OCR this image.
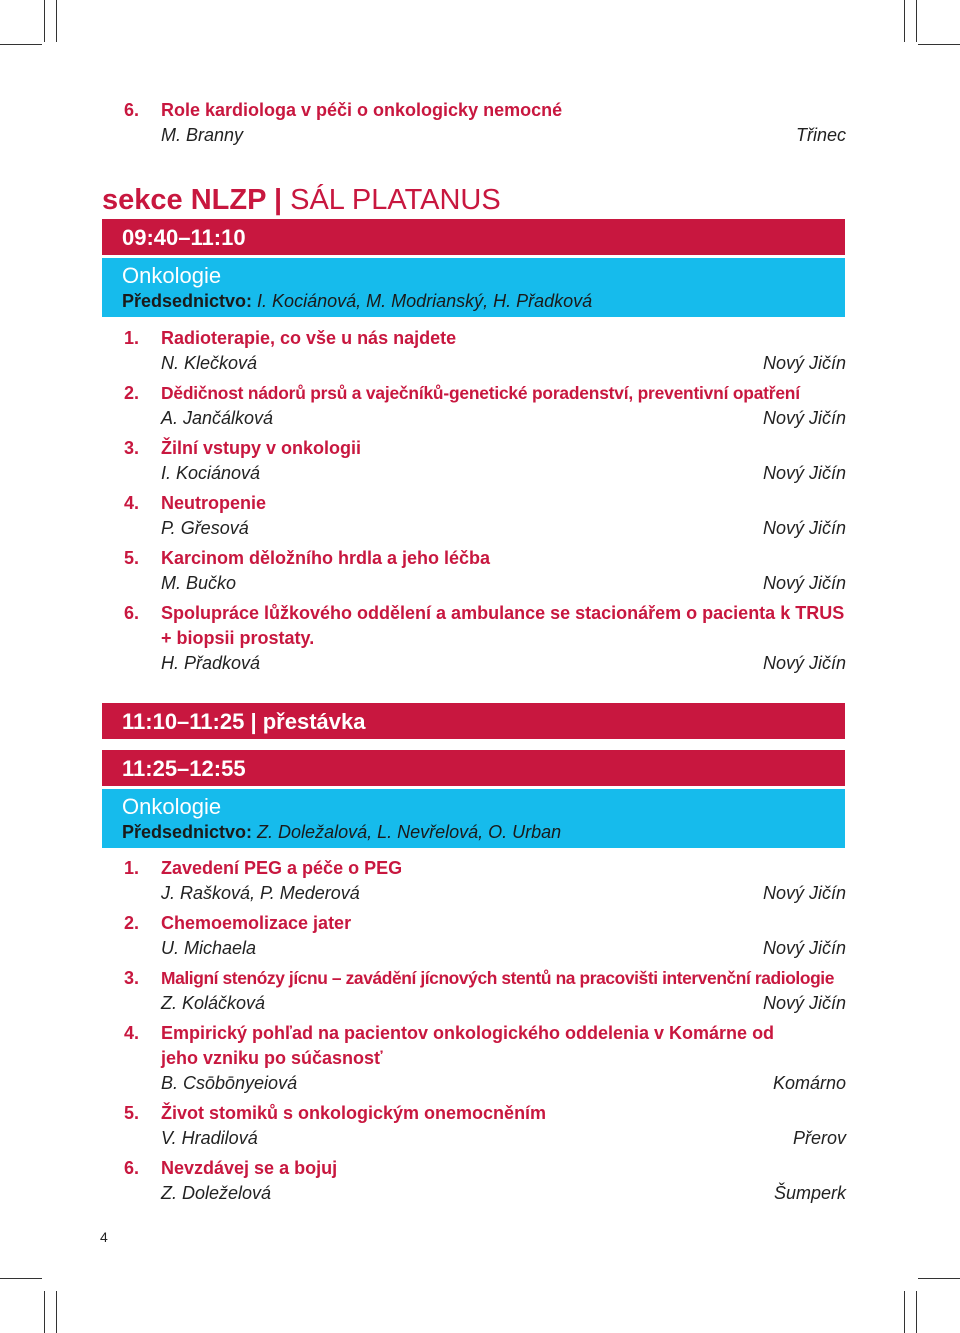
6. Role kardiologa v péči o onkologicky nemocné
M. Branny	Třinec
sekce NLZP | SÁL PLATANUS
09:40–11:10
Onkologie
Předsednictvo: I. Kociánová, M. Modrianský, H. Přadková
1. Radioterapie, co vše u nás najdete
N. Klečková	Nový Jičín
2. Dědičnost nádorů prsů a vaječníků-genetické poradenství, preventivní opatření
A. Jančálková	Nový Jičín
3. Žilní vstupy v onkologii
I. Kociánová	Nový Jičín
4. Neutropenie
P. Gřesová	Nový Jičín
5. Karcinom děložního hrdla a jeho léčba
M. Bučko	Nový Jičín
6. Spolupráce lůžkového oddělení a ambulance se stacionářem o pacienta k TRUS + biopsii prostaty.
H. Přadková	Nový Jičín
11:10–11:25 | přestávka
11:25–12:55
Onkologie
Předsednictvo: Z. Doležalová, L. Nevřelová, O. Urban
1. Zavedení PEG a péče o PEG
J. Rašková, P. Mederová	Nový Jičín
2. Chemoemolizace jater
U. Michaela	Nový Jičín
3. Maligní stenózy jícnu – zavádění jícnových stentů na pracovišti intervenční radiologie
Z. Koláčková	Nový Jičín
4. Empirický pohľad na pacientov onkologického oddelenia v Komárne od jeho vzniku po súčasnosť
B. Csōbōnyeiová	Komárno
5. Život stomiků s onkologickým onemocněním
V. Hradilová	Přerov
6. Nevzdávej se a bojuj
Z. Doleželová	Šumperk
4
